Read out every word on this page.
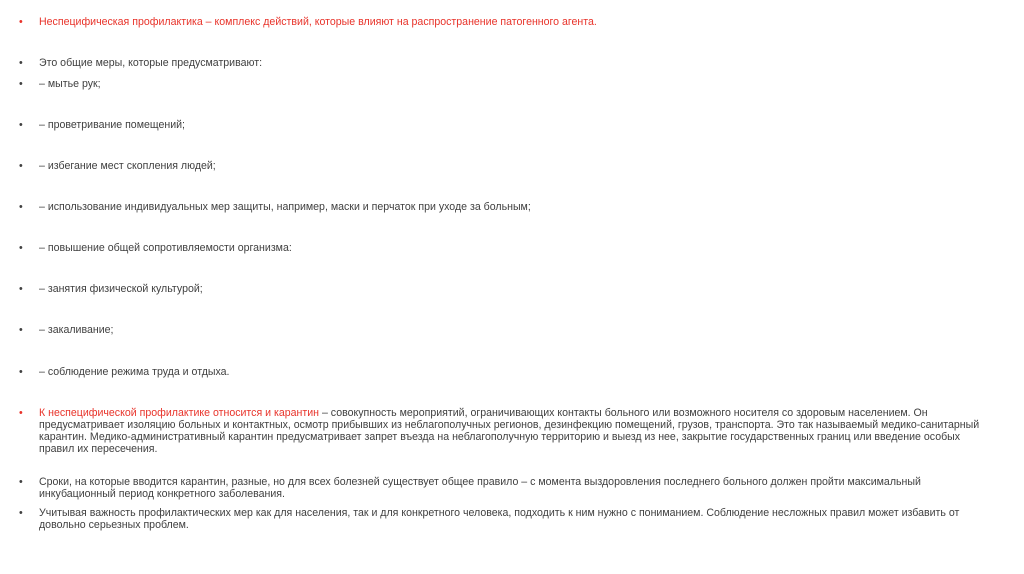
•	Неспецифическая профилактика – комплекс действий, которые влияют на распространение патогенного агента.
•	Это общие меры, которые предусматривают:
•	– мытье рук;
•	– проветривание помещений;
•	– избегание мест скопления людей;
•	– использование индивидуальных мер защиты, например, маски и перчаток при уходе за больным;
•	– повышение общей сопротивляемости организма:
•	– занятия физической культурой;
•	– закаливание;
•	– соблюдение режима труда и отдыха.
•	К неспецифической профилактике относится и карантин – совокупность мероприятий, ограничивающих контакты больного или возможного носителя со здоровым населением. Он предусматривает изоляцию больных и контактных, осмотр прибывших из неблагополучных регионов, дезинфекцию помещений, грузов, транспорта. Это так называемый медико-санитарный карантин. Медико-административный карантин предусматривает запрет въезда на неблагополучную территорию и выезд из нее, закрытие государственных границ или введение особых правил их пересечения.
•	Сроки, на которые вводится карантин, разные, но для всех болезней существует общее правило – с момента выздоровления последнего больного должен пройти максимальный инкубационный период конкретного заболевания.
•	Учитывая важность профилактических мер как для населения, так и для конкретного человека, подходить к ним нужно с пониманием. Соблюдение несложных правил может избавить от довольно серьезных проблем.
